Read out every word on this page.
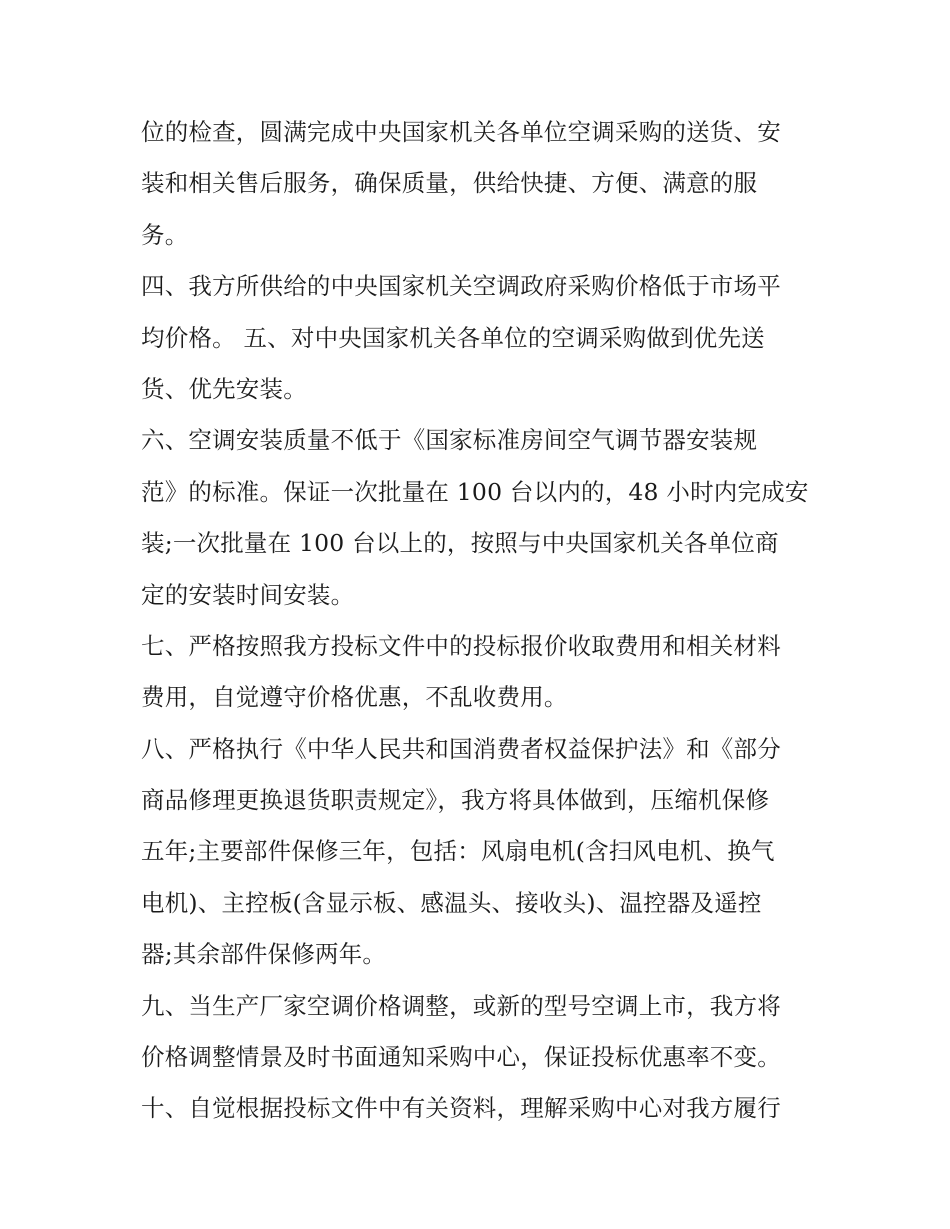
位的检查，圆满完成中央国家机关各单位空调采购的送货、安
装和相关售后服务，确保质量，供给快捷、方便、满意的服
务。
四、我方所供给的中央国家机关空调政府采购价格低于市场平
均价格。 五、对中央国家机关各单位的空调采购做到优先送
货、优先安装。
六、空调安装质量不低于《国家标准房间空气调节器安装规
范》的标准。保证一次批量在 100 台以内的，48 小时内完成安
装;一次批量在 100 台以上的，按照与中央国家机关各单位商
定的安装时间安装。
七、严格按照我方投标文件中的投标报价收取费用和相关材料
费用，自觉遵守价格优惠，不乱收费用。
八、严格执行《中华人民共和国消费者权益保护法》和《部分
商品修理更换退货职责规定》，我方将具体做到，压缩机保修
五年;主要部件保修三年，包括：风扇电机(含扫风电机、换气
电机)、主控板(含显示板、感温头、接收头)、温控器及遥控
器;其余部件保修两年。
九、当生产厂家空调价格调整，或新的型号空调上市，我方将
价格调整情景及时书面通知采购中心，保证投标优惠率不变。
十、自觉根据投标文件中有关资料，理解采购中心对我方履行
